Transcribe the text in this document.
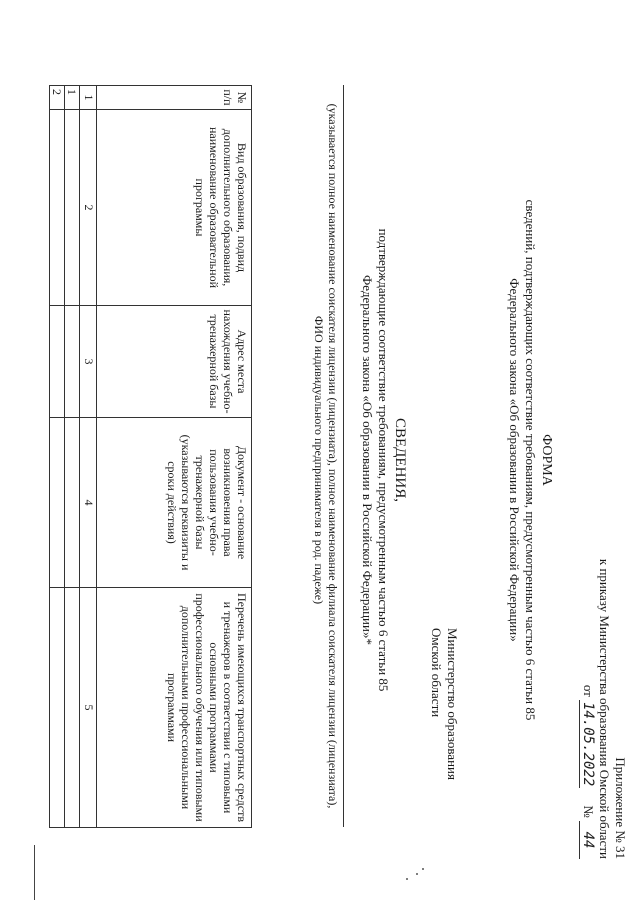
Приложение № 31
к приказу Министерства образования Омской области
от 14.05.2022 № 44
ФОРМА
сведений, подтверждающих соответствие требованиям, предусмотренным частью 6 статьи 85
Федерального закона «Об образовании в Российской Федерации»
Министерство образования
Омской области
СВЕДЕНИЯ,
подтверждающие соответствие требованиям, предусмотренным частью 6 статьи 85
Федерального закона «Об образовании в Российской Федерации»*
(указывается полное наименование соискателя лицензии (лицензиата), полное наименование филиала соискателя лицензии (лицензиата),
ФИО индивидуального предпринимателя в род. падеже)
№ п/п	Вид образования, подвид дополнительного образования, наименование образовательной программы	Адрес места нахождения учебно-тренажерной базы	Документ - основание возникновения права пользования учебно-тренажерной базы (указываются реквизиты и сроки действия)	Перечень имеющихся транспортных средств и тренажеров в соответствии с типовыми основными программами профессионального обучения или типовыми дополнительными профессиональными программами
1	2	3	4	5
1				
2				
